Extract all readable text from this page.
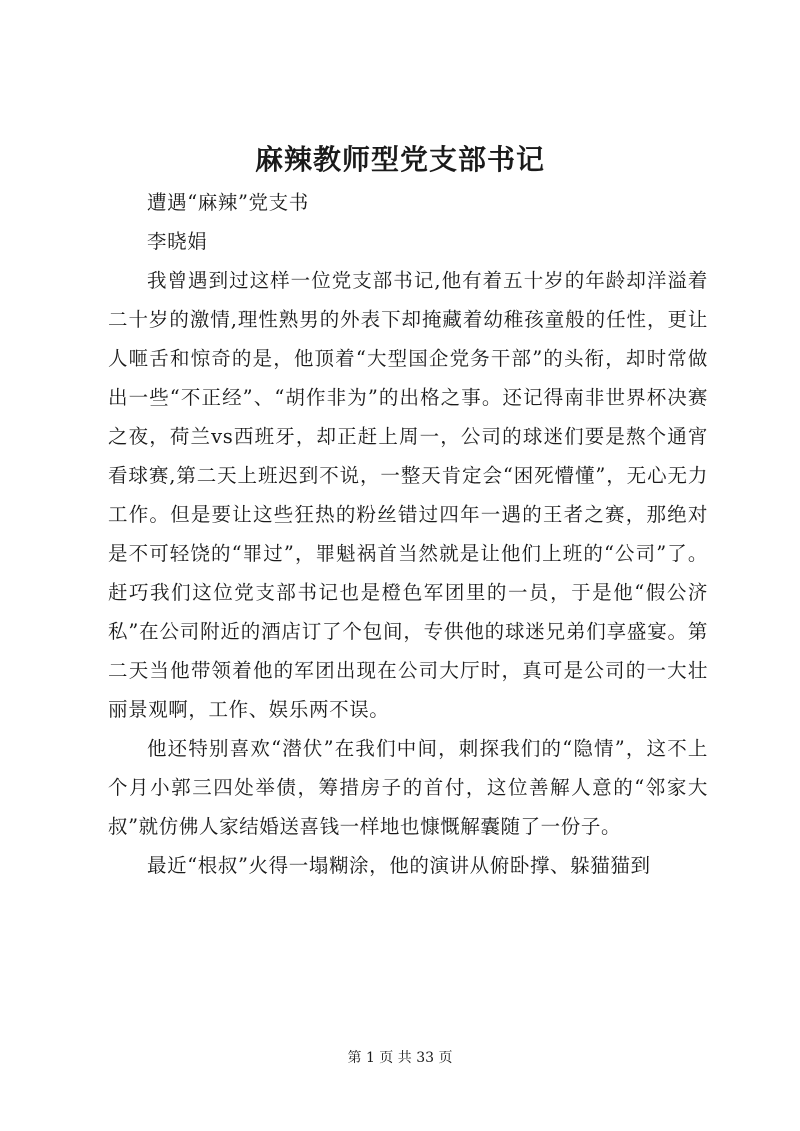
麻辣教师型党支部书记

遭遇“麻辣”党支书

李晓娟

我曾遇到过这样一位党支部书记,他有着五十岁的年龄却洋溢着二十岁的激情,理性熟男的外表下却掩藏着幼稚孩童般的任性，更让人咂舌和惊奇的是，他顶着“大型国企党务干部”的头衔，却时常做出一些“不正经”、“胡作非为”的出格之事。还记得南非世界杯决赛之夜，荷兰vs西班牙，却正赶上周一，公司的球迷们要是熬个通宵看球赛,第二天上班迟到不说，一整天肯定会“困死懵懂”，无心无力工作。但是要让这些狂热的粉丝错过四年一遇的王者之赛，那绝对是不可轻饶的“罪过”，罪魁祸首当然就是让他们上班的“公司”了。赶巧我们这位党支部书记也是橙色军团里的一员，于是他“假公济私”在公司附近的酒店订了个包间，专供他的球迷兄弟们享盛宴。第二天当他带领着他的军团出现在公司大厅时，真可是公司的一大壮丽景观啊，工作、娱乐两不误。

他还特别喜欢“潜伏”在我们中间，刺探我们的“隐情”，这不上个月小郭三四处举债，筹措房子的首付，这位善解人意的“邻家大叔”就仿佛人家结婚送喜钱一样地也慷慨解囊随了一份子。

最近“根叔”火得一塌糊涂，他的演讲从俯卧撑、躲猫猫到

第 1 页 共 33 页
